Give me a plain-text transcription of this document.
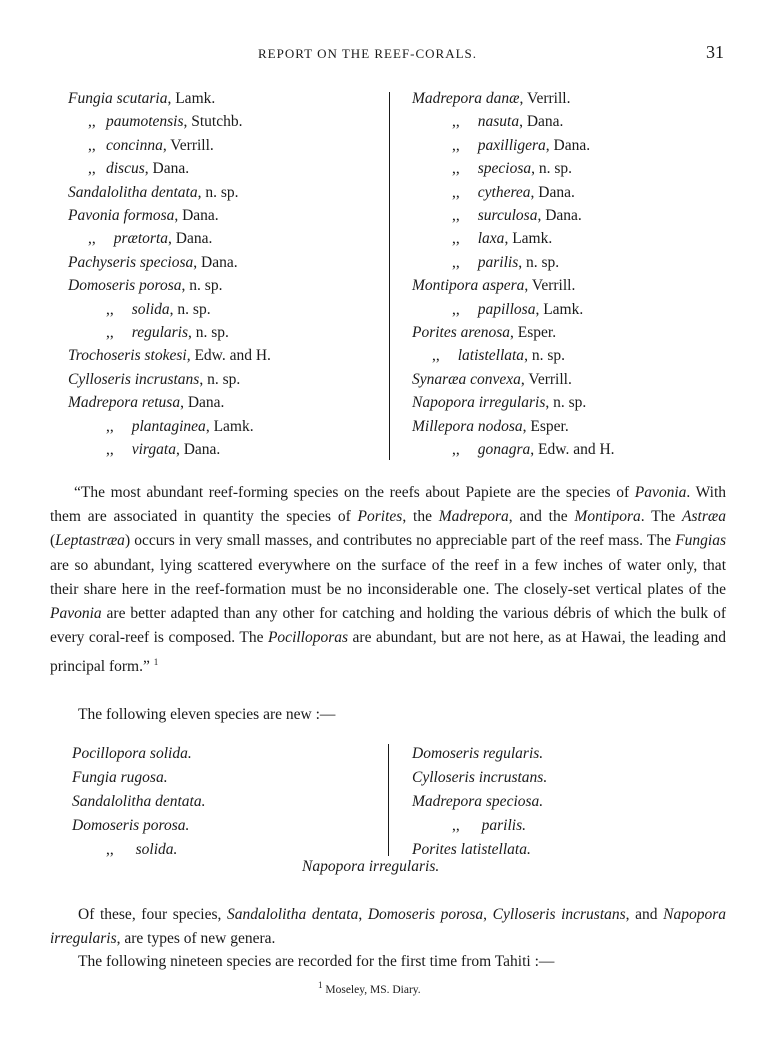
REPORT ON THE REEF-CORALS.	31
Fungia scutaria, Lamk.
,, paumotensis, Stutchb.
,, concinna, Verrill.
,, discus, Dana.
Sandalolitha dentata, n. sp.
Pavonia formosa, Dana.
,, prætorta, Dana.
Pachyseris speciosa, Dana.
Domoseris porosa, n. sp.
,, solida, n. sp.
,, regularis, n. sp.
Trochoseris stokesi, Edw. and H.
Cylloseris incrustans, n. sp.
Madrepora retusa, Dana.
,, plantaginea, Lamk.
,, virgata, Dana.
Madrepora danæ, Verrill.
,, nasuta, Dana.
,, paxilligera, Dana.
,, speciosa, n. sp.
,, cytherea, Dana.
,, surculosa, Dana.
,, laxa, Lamk.
,, parilis, n. sp.
Montipora aspera, Verrill.
,, papillosa, Lamk.
Porites arenosa, Esper.
,, latistellata, n. sp.
Synaræa convexa, Verrill.
Napopora irregularis, n. sp.
Millepora nodosa, Esper.
,, gonagra, Edw. and H.

“The most abundant reef-forming species on the reefs about Papiete are the species of Pavonia. With them are associated in quantity the species of Porites, the Madrepora, and the Montipora. The Astræa (Leptastræa) occurs in very small masses, and contributes no appreciable part of the reef mass. The Fungias are so abundant, lying scattered everywhere on the surface of the reef in a few inches of water only, that their share here in the reef-formation must be no inconsiderable one. The closely-set vertical plates of the Pavonia are better adapted than any other for catching and holding the various débris of which the bulk of every coral-reef is composed. The Pocilloporas are abundant, but are not here, as at Hawai, the leading and principal form.” $^1$

The following eleven species are new :—

Pocillopora solida.
Fungia rugosa.
Sandalolitha dentata.
Domoseris porosa.
,, solida.
Domoseris regularis.
Cylloseris incrustans.
Madrepora speciosa.
,, parilis.
Porites latistellata.
Napopora irregularis.

Of these, four species, Sandalolitha dentata, Domoseris porosa, Cylloseris incrustans, and Napopora irregularis, are types of new genera.

The following nineteen species are recorded for the first time from Tahiti :—

$^1$ Moseley, MS. Diary.
